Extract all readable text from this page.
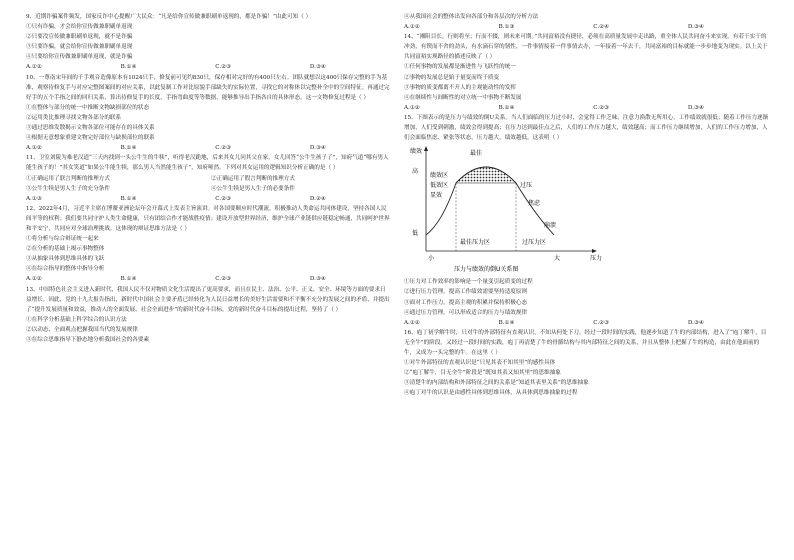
9、近期诈骗案件频发，国家反诈中心提醒广大民众：“凡是给你宣传做兼职刷单返现的，都是诈骗！”由此可知（ ）

①只有诈骗，才会给你宣传做兼职刷单返现

②只要没宣传做兼职刷单返现，就不是诈骗

③只要诈骗，就会给你宣传做兼职刷单返现

④只要给你宣传做兼职刷单返现，就是诈骗

A.①②	B.①④	C.②③	D.③④

10、一尊南宋年间的千手观音造像原本有1024只手，修复前可见约830只，保存相对完好的有400只左右。团队就想以这400只保存完整的手为基准，观察待修复手与对应完整图案间的对应关系，以此复制工作对比原貌手部缺失的实际位置，寻找它的对称体以完整补全中的空间特征。再通过完好手的五个手指之间的回归关系，算出待修复手的长度，手指弯曲度等等数据，能够推导出手指各自的具体形态。这一文物修复过程是（ ）

①在整体与部分的统一中推断文物缺损部位的状态

②运用类比推理寻找文物各部分的联系

③通过思维发散揭示文物各部位可能存在的具体关系

④根据无意想象重建文物完好部位与缺损部位的联系

A.①②	B.①④	C.②③	D.③④

11、卫室刘陵为难老汉道“三天内找到一头公牛生的牛犊”，听得老汉跪地，后来其女儿问其父在家，女儿回答“公牛生孩子了”，知府气道“哪有男人能生孩子的！”其女笑道“如果公牛能生犊，那么男人当然能生孩子”，知府哑然。下列对其女运用的逻辑知识分析正确的是（ ）

①正确运用了联言判断的推理方式	②正确运用了假言判断的推理方式
③公牛生犊是男人生子的充分条件	④公牛生犊是男人生子的必要条件
A.①③	B.①④	C.②③	D.②④

12、2022年4月，习近平主席在博鳌亚洲论坛年会开幕式上发表主旨演讲。对各国要顺应时代潮流，积极推动人类命运共同体建设，坚持各国人民间平等的权利；我们要共同守护人类生命健康，只有团结合作才能战胜疫情；建设开放型世界经济，维护全球产业链供应链稳定畅通，共同呵护世界和平安宁，共同应对全球治理挑战。这体现的辩证思维方法是（ ）

①将分析与综合辩证统一起来

②在分析的基础上揭示事物整体

③从抽象具体到思维具体的飞跃

④在综合指导的整体中指导分析

A.①②	B.①④	C.②③	D.③④

13、中国特色社会主义进入新时代，我国人民不仅对物质文化生活提出了更高要求，而且在民主、法治、公平、正义、安全、环境等方面的要求日益增长。因此，党的十九大报告指出，新时代中国社会主要矛盾已经转化为人民日益增长的美好生活需要和不平衡不充分的发展之间的矛盾，并提出了“提升发展质量和效益，推动人的全面发展、社会全面进步”的新时代奋斗目标。党的新时代奋斗目标的提出过程，坚持了（ ）

①在科学分析基础上科学综合的认识方法

②以动态、全面观点把握我国当代的发展规律

③在综合思维指导下静态地分析我国社会的各要素

④从我国社会的整体出发向各部分和各层次的分析方法

A.①②	B.①③	C.②④	D.③④

14、“湘阻目长，行则将至；行而不辍，则未来可期。”共同富裕没有捷径，必须在高质量发展中走出路，重全体人民共同奋斗来实现。有若干实干的冲劲，有锲而不舍的劲头，有水滴石穿的韧性，一件事情接着一件事情去办，一年接着一年去干，共同富裕的目标就能一步步地变为现实。以上关于共同富裕实现路径的描述反映了（ ）

①任何事物的发展都是渐进性与飞跃性的统一

②事物的发展总是始于量变而终于质变

③事物的质变都离不开人的主观能动性的发挥

④在继续性与间断性的对立统一中事物不断发展

A.①②	B.①④	C.②③	D.③④

15、下图表示的是压力与绩效的倒U关系。当人们面临的压力过小时，会觉得工作乏味，注意力涣散无所用心，工作绩效就很低；随着工作压力逐渐增加，人们受到刺激，绩效会得到提高；在压力达到最佳点之后，人们的工作压力越大，绩效越高；而工作压力继续增加，人们的工作压力增加，人们会面临焦虑、紧张等状态，压力越大，绩效越低。这表明（ ）

绩效
高
低
小	大	压力
最佳
绩效区
低效区
显效
过压
焦虑
崩溃
最佳压力区	过压力区
压力与绩效的倒U关系图

①压力对工作效率的影响是一个量变引起质变的过程

②进行压力管理，提高工作绩效需要坚持适度原则

③面对工作压力，提高主观的积累并保持积极心态

④通过压力管理，可以形成适合的压力与绩效规律

A.①②	B.①④	C.②③	D.③④

16、庖丁初学解牛时，只对牛的外部特征有直观认识，不知从何处下刀。经过一段时间的实践，他逐步知道了牛的内部结构，进入了“庖丁解牛，目无全牛”的阶段。又经过一段时间的实践，庖丁再清楚了牛的骨骼结构与其内部特征之间的关系，并且从整体上把握了牛的构造，由此在他面前的牛，又成为一头完整的牛。在这里（ ）

①对牛外部特征的直观认识是“只见其表不知其里”的感性具体

②“庖丁解牛，目无全牛”阶段是“既知其表又知其里”的思维抽象

③清楚牛的内部结构和外部特征之间的关系是“知道其表里关系”的思维抽象

④庖丁对牛的认识是由感性具体到思维具体，从具体到思维抽象的过程
